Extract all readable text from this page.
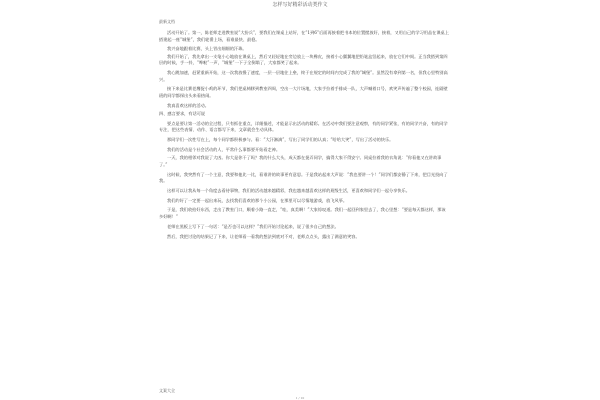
怎样写好精彩活动类作文
最新文档

活动开始了。第一，陈老师走进教室说“大扮兵”，要我们在课桌上站好，在“1到6”后面再接着把书本的位置摆放好，接着，又用自己的学习用品在课桌上搭建起一座“城堡”，我们轮番上场，看谁最快、最稳。

我兴奋地跟着比赛，头上冒出细细的汗珠。

我们开始了，我先拿出一支笔小心地放在课桌上，然后又轻轻地在旁边放上一块橡皮，接着小心翼翼地把铅笔盒竖起来，放在它们中间。正当我搭到第四层的时候，手一抖，“哗啦”一声，“城堡”一下子全倒塌了，大家都笑了起来。

我心跳加速，赶紧重新开始，这一次我放慢了速度，一层一层地往上垒，终于在规定的时间内完成了我的“城堡”。虽然没有拿到第一名，但我心里特别高兴。

接下来是比赛老鹰捉小鸡的环节，我们把桌椅移到教室四周，空出一大片场地，大家手拉着手排成一队，大声喊着口号，欢笑声传遍了整个校园，连隔壁班的同学都探出头来看热闹。

我真喜欢这样的活动。

四、感言要求，有话可说

要点是要让第一活动的全过程，只有抓住重点，详细描述，才能显示出活动的精彩。在活动中我们要注意观察，有的同学紧张，有的同学兴奋，有的同学专注，把这些表情、动作、语言都写下来，文章就会生动具体。

那同学们一次性写在上，每个同学都积极参与。看：“大汗淋漓”，写出了同学们的认真；“哈哈大笑”，写出了活动的快乐。

我们的活动是个社会活动的人，平常什么事都要开始看走神。

一天，我的相邻对我说了大凶。你大是你干了吗？我的什么大头，成天都在捉弄同学，搞得大家不得安宁。同桌拉着我的衣角说：“你看他又在讲故事了。”

这时候，我突然有了一个主意，我要和他比一比，看谁讲的故事更有意思。于是我站起来大声说：“我也要讲一个！”同学们都安静了下来，把目光投向了我。

这样可以让我从每一个角度去看待事物，我们的活动越来越精彩，我也越来越喜欢这样的班级生活，更喜欢和同学们一起分享快乐。

我们约好了一定要一起出来玩，去找我们喜欢的那个小公园，在那里可以尽情地游戏，放飞风筝。

于是，我们收拾好东西，走出了教室门口，顺着小路一直走，“哇，真美啊！”大家惊叹道。我们一起回到家里去了，我心里想：“要是每天都这样，那该多好啊！”

老师在黑板上写下了一句话：“是否也可以这样？”我们开始讨论起来，说了很多自己的想法。

然后，我把讨论的结果记了下来，让老师看一看我的想法到底对不对，老师点点头，露出了满意的笑容。

文案大全
1 / 10
